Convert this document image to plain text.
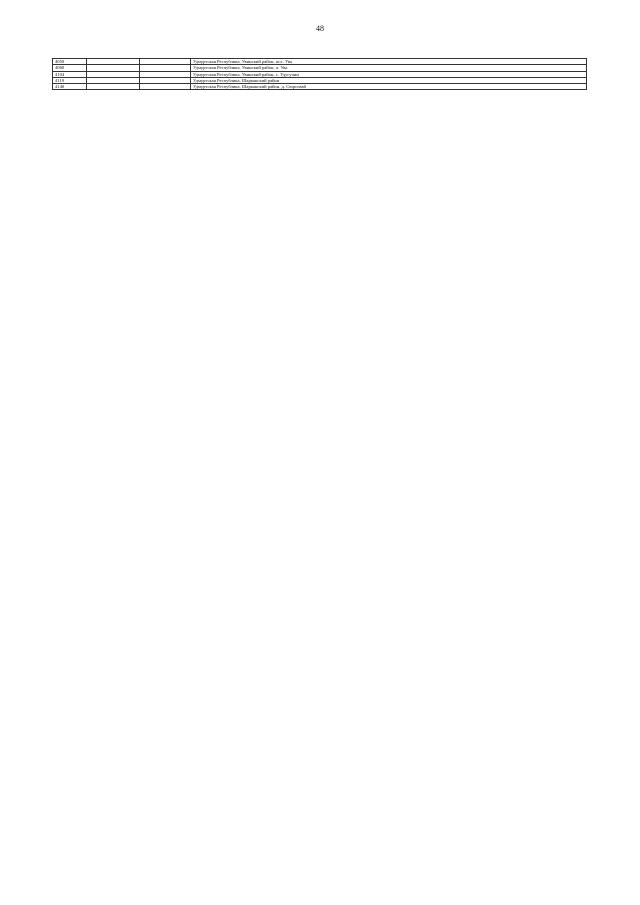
48
4050			Удмуртская Республика, Увинский район, пос. Ува
4060			Удмуртская Республика, Увинский район, п. Ува
4104			Удмуртская Республика, Увинский район, с. Удугучин
4119			Удмуртская Республика, Шарканский район
4140			Удмуртская Республика, Шарканский район, д. Сюрсовай
